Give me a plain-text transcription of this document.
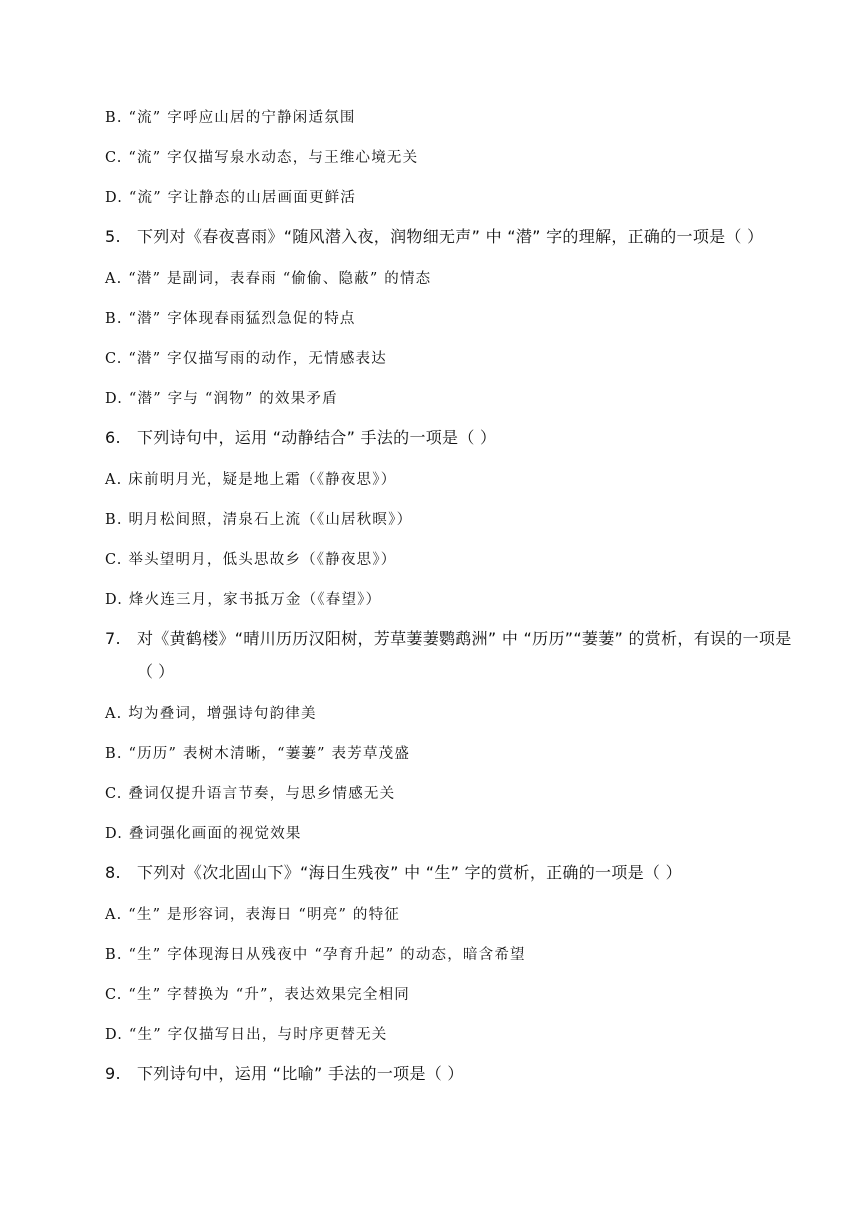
B. “流” 字呼应山居的宁静闲适氛围
C. “流” 字仅描写泉水动态，与王维心境无关
D. “流” 字让静态的山居画面更鲜活
5. 下列对《春夜喜雨》“随风潜入夜，润物细无声” 中 “潜” 字的理解，正确的一项是（ ）
A. “潜” 是副词，表春雨 “偷偷、隐蔽” 的情态
B. “潜” 字体现春雨猛烈急促的特点
C. “潜” 字仅描写雨的动作，无情感表达
D. “潜” 字与 “润物” 的效果矛盾
6. 下列诗句中，运用 “动静结合” 手法的一项是（ ）
A. 床前明月光，疑是地上霜（《静夜思》）
B. 明月松间照，清泉石上流（《山居秋暝》）
C. 举头望明月，低头思故乡（《静夜思》）
D. 烽火连三月，家书抵万金（《春望》）
7. 对《黄鹤楼》“晴川历历汉阳树，芳草萋萋鹦鹉洲” 中 “历历”“萋萋” 的赏析，有误的一项是
（ ）
A. 均为叠词，增强诗句韵律美
B. “历历” 表树木清晰，“萋萋” 表芳草茂盛
C. 叠词仅提升语言节奏，与思乡情感无关
D. 叠词强化画面的视觉效果
8. 下列对《次北固山下》“海日生残夜” 中 “生” 字的赏析，正确的一项是（ ）
A. “生” 是形容词，表海日 “明亮” 的特征
B. “生” 字体现海日从残夜中 “孕育升起” 的动态，暗含希望
C. “生” 字替换为 “升”，表达效果完全相同
D. “生” 字仅描写日出，与时序更替无关
9. 下列诗句中，运用 “比喻” 手法的一项是（ ）
